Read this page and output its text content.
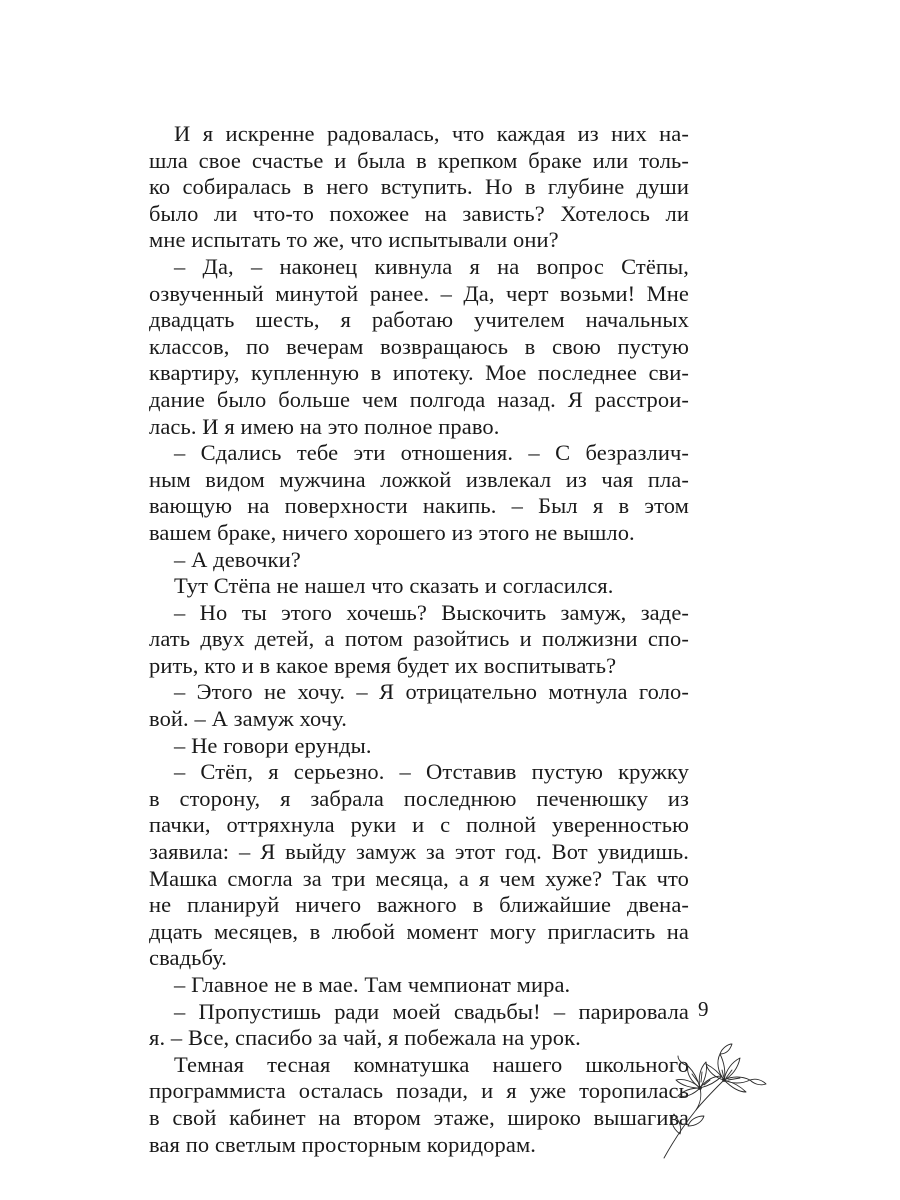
И я искренне радовалась, что каждая из них на-
шла свое счастье и была в крепком браке или толь-
ко собиралась в него вступить. Но в глубине души
было ли что-то похожее на зависть? Хотелось ли
мне испытать то же, что испытывали они?
– Да, – наконец кивнула я на вопрос Стёпы,
озвученный минутой ранее. – Да, черт возьми! Мне
двадцать шесть, я работаю учителем начальных
классов, по вечерам возвращаюсь в свою пустую
квартиру, купленную в ипотеку. Мое последнее сви-
дание было больше чем полгода назад. Я расстрои-
лась. И я имею на это полное право.
– Сдались тебе эти отношения. – С безразлич-
ным видом мужчина ложкой извлекал из чая пла-
вающую на поверхности накипь. – Был я в этом
вашем браке, ничего хорошего из этого не вышло.
– А девочки?
Тут Стёпа не нашел что сказать и согласился.
– Но ты этого хочешь? Выскочить замуж, заде-
лать двух детей, а потом разойтись и полжизни спо-
рить, кто и в какое время будет их воспитывать?
– Этого не хочу. – Я отрицательно мотнула голо-
вой. – А замуж хочу.
– Не говори ерунды.
– Стёп, я серьезно. – Отставив пустую кружку
в сторону, я забрала последнюю печенюшку из
пачки, оттряхнула руки и с полной уверенностью
заявила: – Я выйду замуж за этот год. Вот увидишь.
Машка смогла за три месяца, а я чем хуже? Так что
не планируй ничего важного в ближайшие двена-
дцать месяцев, в любой момент могу пригласить на
свадьбу.
– Главное не в мае. Там чемпионат мира.
– Пропустишь ради моей свадьбы! – парировала
я. – Все, спасибо за чай, я побежала на урок.
Темная тесная комнатушка нашего школьного
программиста осталась позади, и я уже торопилась
в свой кабинет на втором этаже, широко вышагива
вая по светлым просторным коридорам.
9
